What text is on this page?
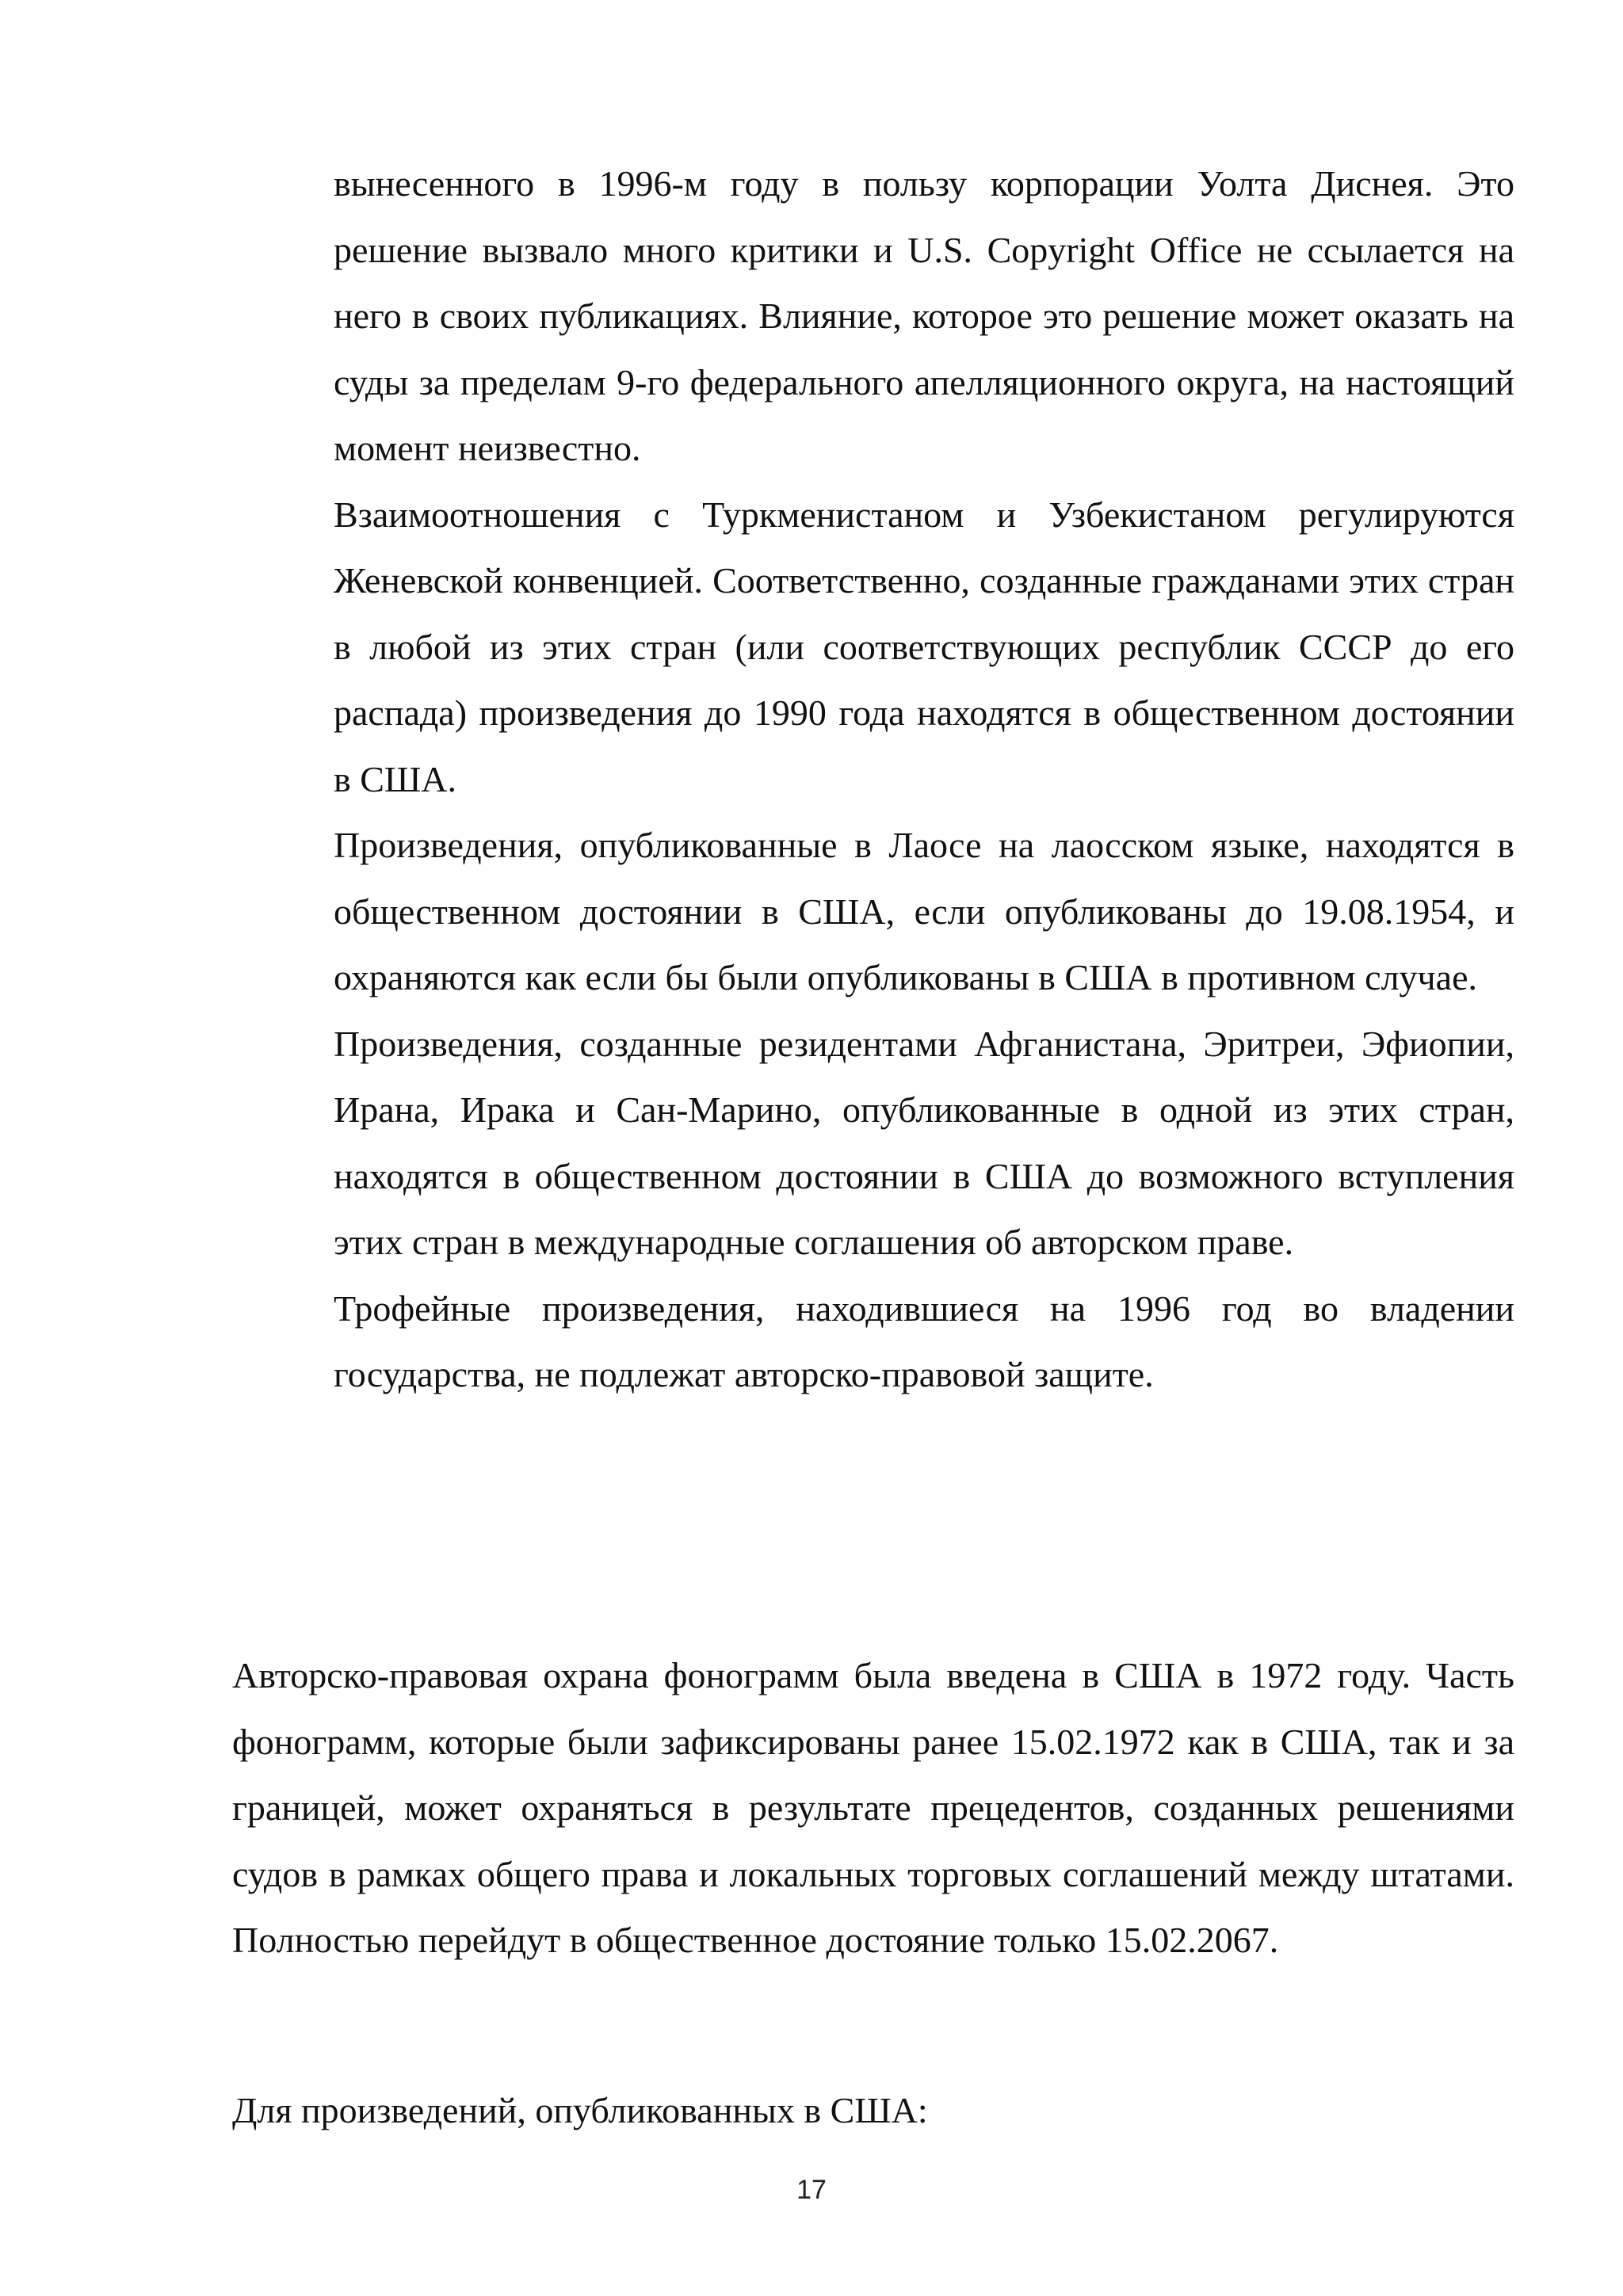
вынесенного в 1996-м году в пользу корпорации Уолта Диснея. Это решение вызвало много критики и U.S. Copyright Office не ссылается на него в своих публикациях. Влияние, которое это решение может оказать на суды за пределам 9-го федерального апелляционного округа, на настоящий момент неизвестно.

Взаимоотношения с Туркменистаном и Узбекистаном регулируются Женевской конвенцией. Соответственно, созданные гражданами этих стран в любой из этих стран (или соответствующих республик СССР до его распада) произведения до 1990 года находятся в общественном достоянии в США.

Произведения, опубликованные в Лаосе на лаосском языке, находятся в общественном достоянии в США, если опубликованы до 19.08.1954, и охраняются как если бы были опубликованы в США в противном случае.

Произведения, созданные резидентами Афганистана, Эритреи, Эфиопии, Ирана, Ирака и Сан-Марино, опубликованные в одной из этих стран, находятся в общественном достоянии в США до возможного вступления этих стран в международные соглашения об авторском праве.

Трофейные произведения, находившиеся на 1996 год во владении государства, не подлежат авторско-правовой защите.

Авторско-правовая охрана фонограмм была введена в США в 1972 году. Часть фонограмм, которые были зафиксированы ранее 15.02.1972 как в США, так и за границей, может охраняться в результате прецедентов, созданных решениями судов в рамках общего права и локальных торговых соглашений между штатами. Полностью перейдут в общественное достояние только 15.02.2067.

Для произведений, опубликованных в США:

17
